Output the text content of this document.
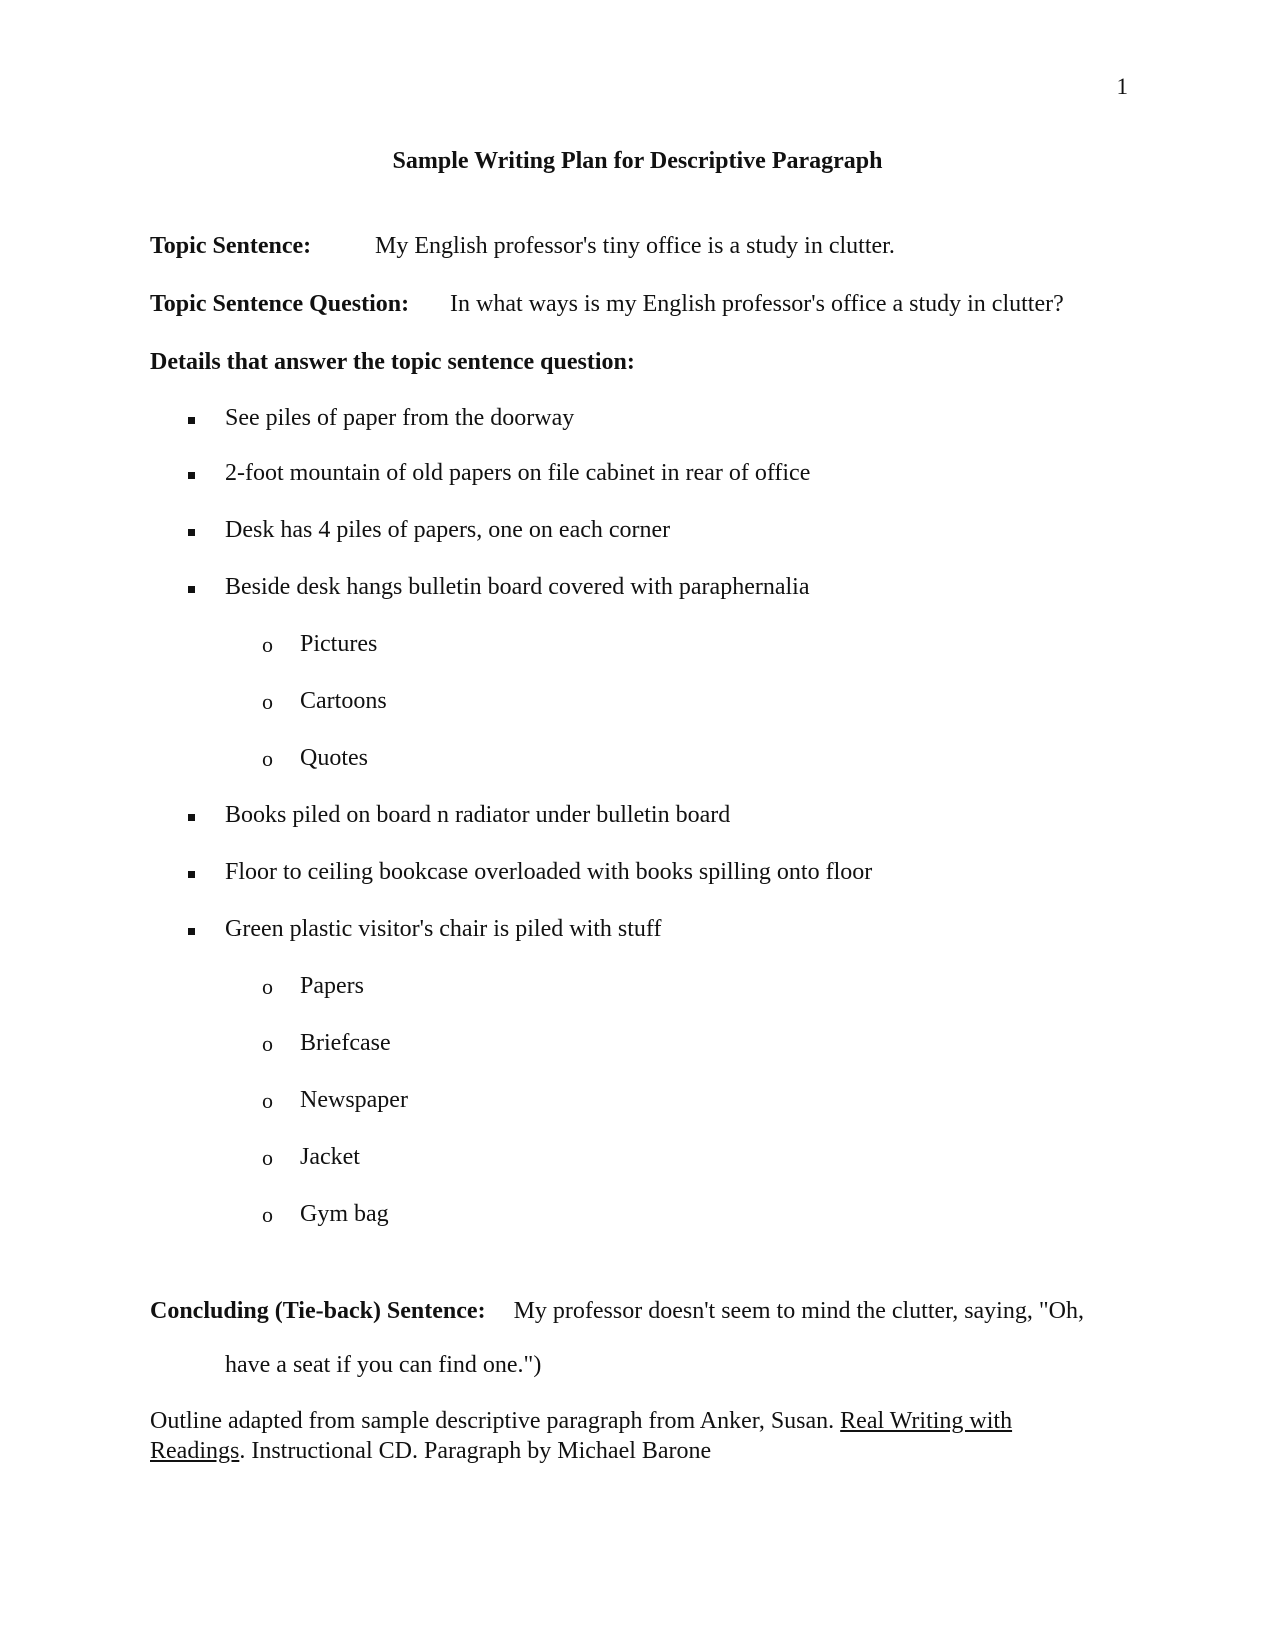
1
Sample Writing Plan for Descriptive Paragraph
Topic Sentence:	My English professor's tiny office is a study in clutter.
Topic Sentence Question: In what ways is my English professor's office a study in clutter?
Details that answer the topic sentence question:
See piles of paper from the doorway
2-foot mountain of old papers on file cabinet in rear of office
Desk has 4 piles of papers, one on each corner
Beside desk hangs bulletin board covered with paraphernalia
o Pictures
o Cartoons
o Quotes
Books piled on board n radiator under bulletin board
Floor to ceiling bookcase overloaded with books spilling onto floor
Green plastic visitor's chair is piled with stuff
o Papers
o Briefcase
o Newspaper
o Jacket
o Gym bag
Concluding (Tie-back) Sentence: My professor doesn't seem to mind the clutter, saying, "Oh,
have a seat if you can find one.")
Outline adapted from sample descriptive paragraph from Anker, Susan. Real Writing with Readings. Instructional CD. Paragraph by Michael Barone
